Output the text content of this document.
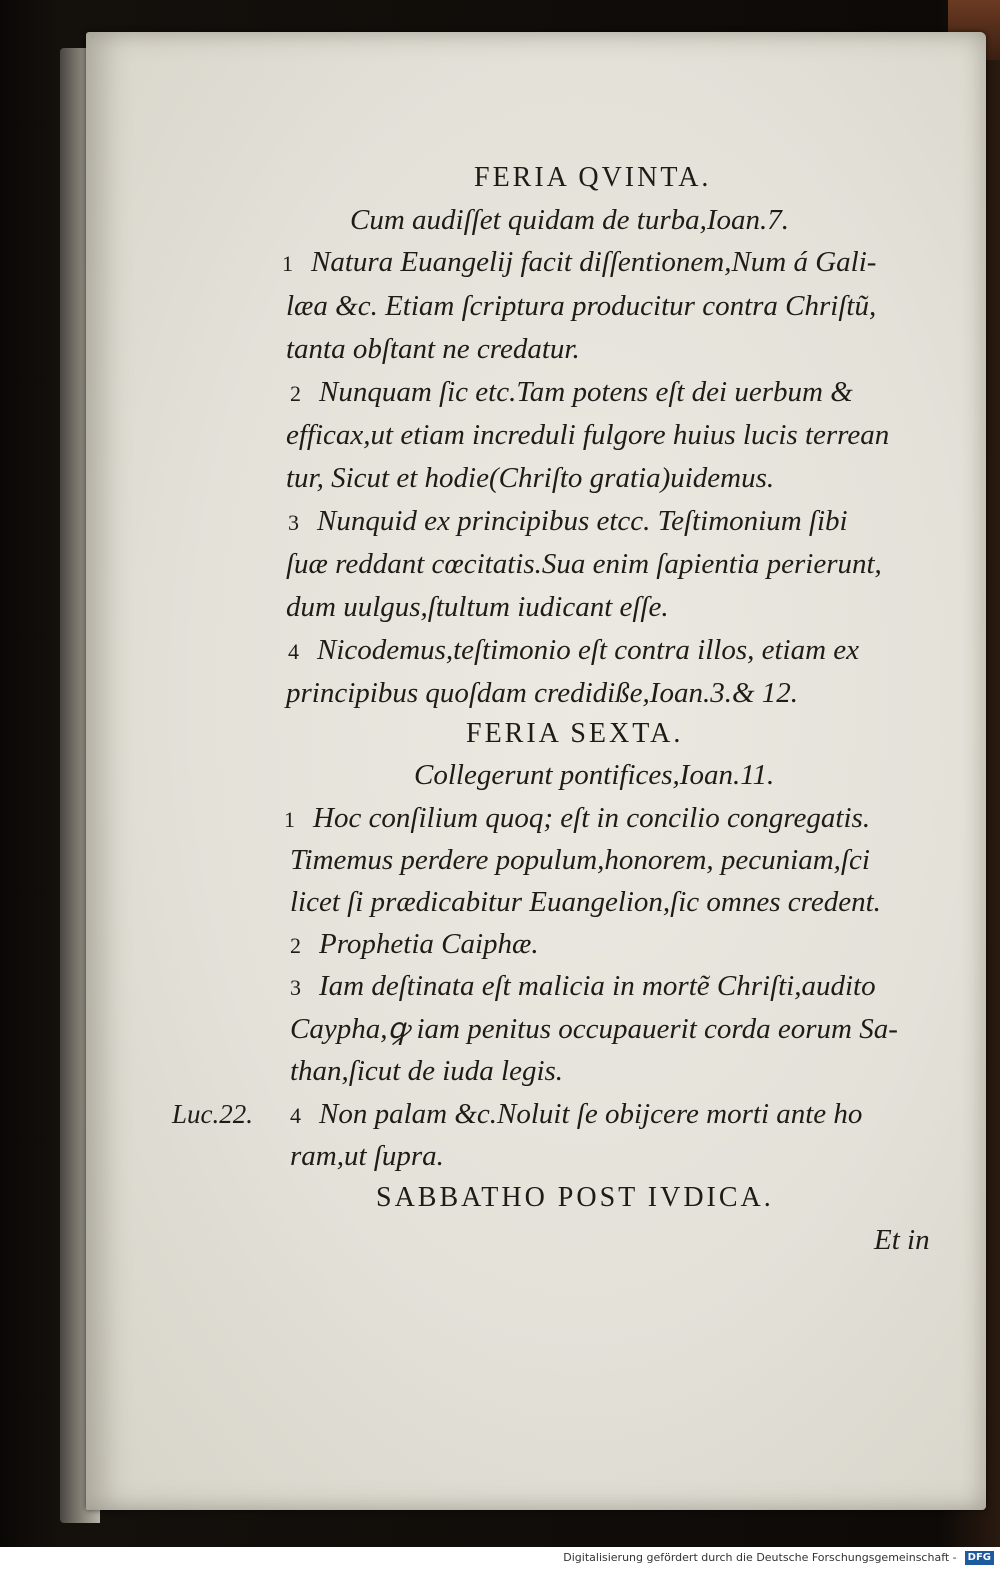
FERIA QVINTA.
Cum audiſſet quidam de turba,Ioan.7.
1 Natura Euangelij facit diſſentionem,Num á Gali-
læa &c. Etiam ſcriptura producitur contra Chriſtũ,
tanta obſtant ne credatur.
2 Nunquam ſic etc.Tam potens eſt dei uerbum &
efficax,ut etiam increduli fulgore huius lucis terrean
tur, Sicut et hodie(Chriſto gratia)uidemus.
3 Nunquid ex principibus etcc. Teſtimonium ſibi
ſuæ reddant cœcitatis.Sua enim ſapientia perierunt,
dum uulgus,ſtultum iudicant eſſe.
4 Nicodemus,teſtimonio eſt contra illos, etiam ex
principibus quoſdam credidiße,Ioan.3.& 12.
FERIA SEXTA.
Collegerunt pontifices,Ioan.11.
1 Hoc conſilium quoq; eſt in concilio congregatis.
Timemus perdere populum,honorem, pecuniam,ſci
licet ſi prædicabitur Euangelion,ſic omnes credent.
2 Prophetia Caiphæ.
3 Iam deſtinata eſt malicia in mortẽ Chriſti,audito
Caypha,ꝙ iam penitus occupauerit corda eorum Sa-
than,ſicut de iuda legis.
Luc.22. 4 Non palam &c.Noluit ſe obijcere morti ante ho
ram,ut ſupra.
SABBATHO POST IVDICA.
Et in
Digitalisierung gefördert durch die Deutsche Forschungsgemeinschaft - DFG
